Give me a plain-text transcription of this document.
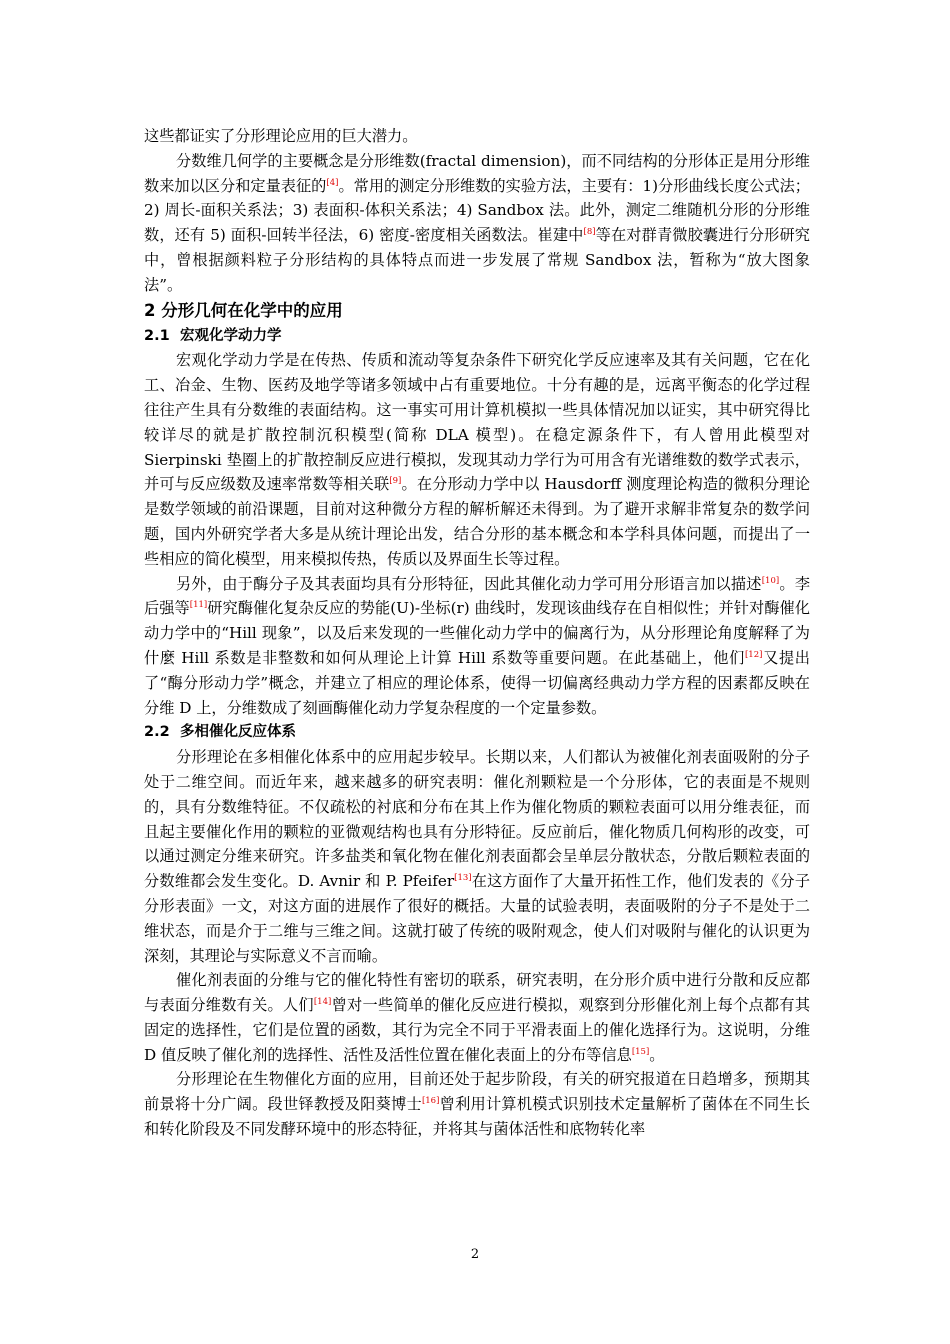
这些都证实了分形理论应用的巨大潜力。

分数维几何学的主要概念是分形维数(fractal dimension)，而不同结构的分形体正是用分形维数来加以区分和定量表征的[4]。常用的测定分形维数的实验方法，主要有：1)分形曲线长度公式法；2) 周长-面积关系法；3) 表面积-体积关系法；4) Sandbox 法。此外，测定二维随机分形的分形维数，还有 5) 面积-回转半径法，6) 密度-密度相关函数法。崔建中[8]等在对群青微胶囊进行分形研究中，曾根据颜料粒子分形结构的具体特点而进一步发展了常规 Sandbox 法，暂称为“放大图象法”。

2 分形几何在化学中的应用
2.1 宏观化学动力学

宏观化学动力学是在传热、传质和流动等复杂条件下研究化学反应速率及其有关问题，它在化工、冶金、生物、医药及地学等诸多领域中占有重要地位。十分有趣的是，远离平衡态的化学过程往往产生具有分数维的表面结构。这一事实可用计算机模拟一些具体情况加以证实，其中研究得比较详尽的就是扩散控制沉积模型(简称 DLA 模型)。在稳定源条件下，有人曾用此模型对 Sierpinski 垫圈上的扩散控制反应进行模拟，发现其动力学行为可用含有光谱维数的数学式表示，并可与反应级数及速率常数等相关联[9]。在分形动力学中以 Hausdorff 测度理论构造的微积分理论是数学领域的前沿课题，目前对这种微分方程的解析解还未得到。为了避开求解非常复杂的数学问题，国内外研究学者大多是从统计理论出发，结合分形的基本概念和本学科具体问题，而提出了一些相应的简化模型，用来模拟传热，传质以及界面生长等过程。

另外，由于酶分子及其表面均具有分形特征，因此其催化动力学可用分形语言加以描述[10]。李后强等[11]研究酶催化复杂反应的势能(U)-坐标(r) 曲线时，发现该曲线存在自相似性；并针对酶催化动力学中的“Hill 现象”，以及后来发现的一些催化动力学中的偏离行为，从分形理论角度解释了为什麼 Hill 系数是非整数和如何从理论上计算 Hill 系数等重要问题。在此基础上，他们[12]又提出了“酶分形动力学”概念，并建立了相应的理论体系，使得一切偏离经典动力学方程的因素都反映在分维 D 上，分维数成了刻画酶催化动力学复杂程度的一个定量参数。

2.2 多相催化反应体系

分形理论在多相催化体系中的应用起步较早。长期以来，人们都认为被催化剂表面吸附的分子处于二维空间。而近年来，越来越多的研究表明：催化剂颗粒是一个分形体，它的表面是不规则的，具有分数维特征。不仅疏松的衬底和分布在其上作为催化物质的颗粒表面可以用分维表征，而且起主要催化作用的颗粒的亚微观结构也具有分形特征。反应前后，催化物质几何构形的改变，可以通过测定分维来研究。许多盐类和氧化物在催化剂表面都会呈单层分散状态，分散后颗粒表面的分数维都会发生变化。D. Avnir 和 P. Pfeifer[13]在这方面作了大量开拓性工作，他们发表的《分子分形表面》一文，对这方面的进展作了很好的概括。大量的试验表明，表面吸附的分子不是处于二维状态，而是介于二维与三维之间。这就打破了传统的吸附观念，使人们对吸附与催化的认识更为深刻，其理论与实际意义不言而喻。

催化剂表面的分维与它的催化特性有密切的联系，研究表明，在分形介质中进行分散和反应都与表面分维数有关。人们[14]曾对一些简单的催化反应进行模拟，观察到分形催化剂上每个点都有其固定的选择性，它们是位置的函数，其行为完全不同于平滑表面上的催化选择行为。这说明，分维 D 值反映了催化剂的选择性、活性及活性位置在催化表面上的分布等信息[15]。

分形理论在生物催化方面的应用，目前还处于起步阶段，有关的研究报道在日趋增多，预期其前景将十分广阔。段世铎教授及阳葵博士[16]曾利用计算机模式识别技术定量解析了菌体在不同生长和转化阶段及不同发酵环境中的形态特征，并将其与菌体活性和底物转化率

2
